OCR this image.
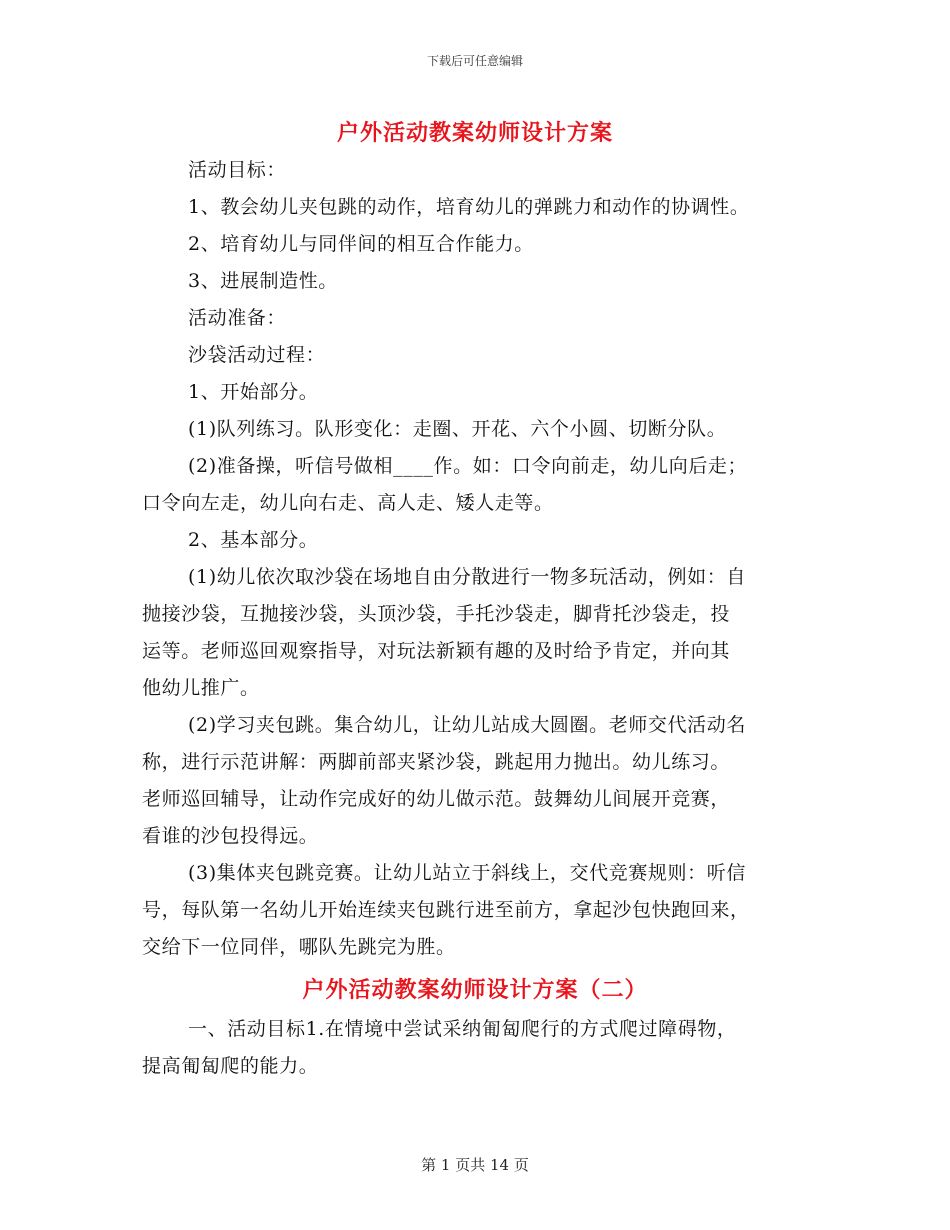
下载后可任意编辑
户外活动教案幼师设计方案
活动目标：
1、教会幼儿夹包跳的动作，培育幼儿的弹跳力和动作的协调性。
2、培育幼儿与同伴间的相互合作能力。
3、进展制造性。
活动准备：
沙袋活动过程：
1、开始部分。
(1)队列练习。队形变化：走圈、开花、六个小圆、切断分队。
(2)准备操，听信号做相____作。如：口令向前走，幼儿向后走；
口令向左走，幼儿向右走、高人走、矮人走等。
2、基本部分。
(1)幼儿依次取沙袋在场地自由分散进行一物多玩活动，例如：自
抛接沙袋，互抛接沙袋，头顶沙袋，手托沙袋走，脚背托沙袋走，投
运等。老师巡回观察指导，对玩法新颖有趣的及时给予肯定，并向其
他幼儿推广。
(2)学习夹包跳。集合幼儿，让幼儿站成大圆圈。老师交代活动名
称，进行示范讲解：两脚前部夹紧沙袋，跳起用力抛出。幼儿练习。
老师巡回辅导，让动作完成好的幼儿做示范。鼓舞幼儿间展开竞赛，
看谁的沙包投得远。
(3)集体夹包跳竞赛。让幼儿站立于斜线上，交代竞赛规则：听信
号，每队第一名幼儿开始连续夹包跳行进至前方，拿起沙包快跑回来，
交给下一位同伴，哪队先跳完为胜。
户外活动教案幼师设计方案（二）
一、活动目标1.在情境中尝试采纳匍匐爬行的方式爬过障碍物，
提高匍匐爬的能力。
第 1 页共 14 页
